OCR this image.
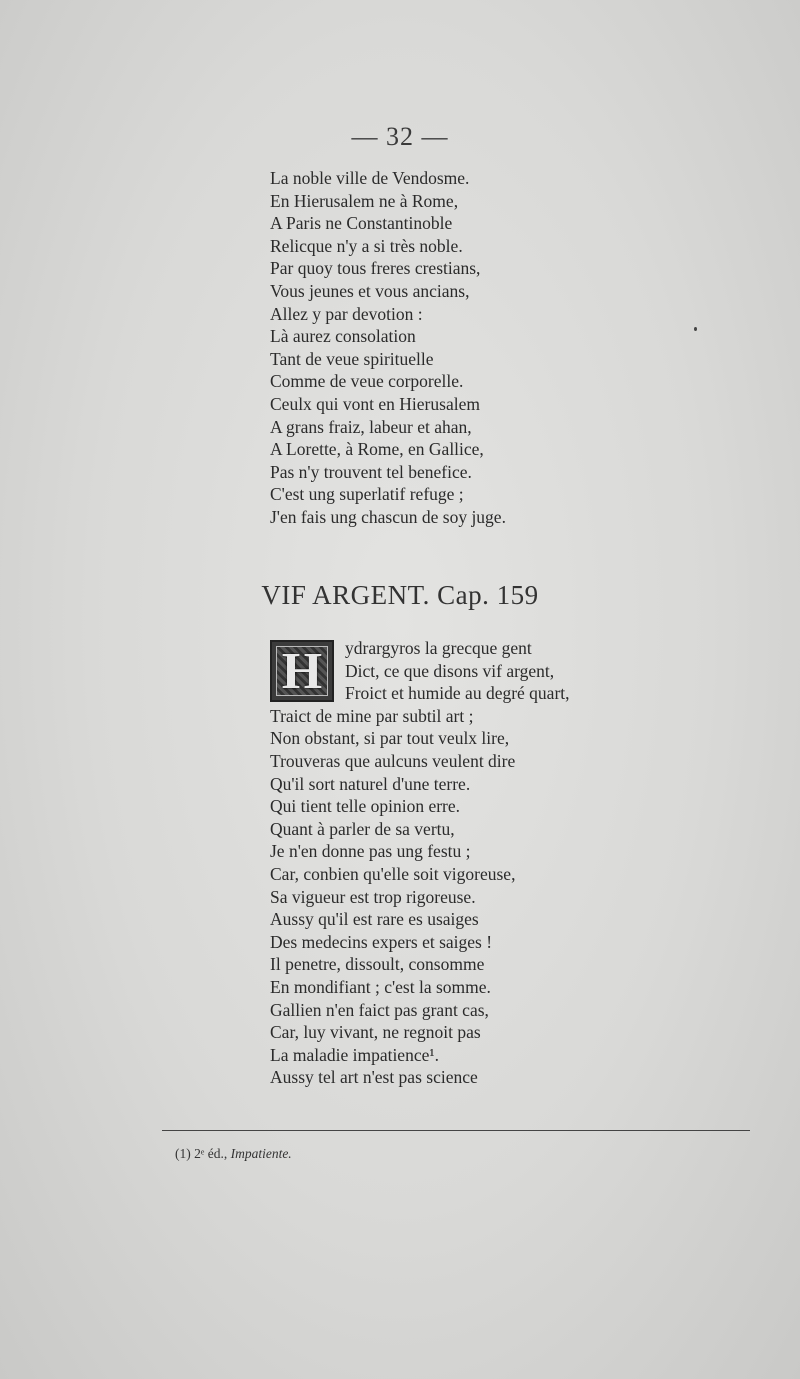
— 32 —
La noble ville de Vendosme.
En Hierusalem ne à Rome,
A Paris ne Constantinoble
Relicque n'y a si très noble.
Par quoy tous freres crestians,
Vous jeunes et vous ancians,
Allez y par devotion :
Là aurez consolation
Tant de veue spirituelle
Comme de veue corporelle.
Ceulx qui vont en Hierusalem
A grans fraiz, labeur et ahan,
A Lorette, à Rome, en Gallice,
Pas n'y trouvent tel benefice.
C'est ung superlatif refuge ;
J'en fais ung chascun de soy juge.
VIF ARGENT. Cap. 159
H	ydrargyros la grecque gent
Dict, ce que disons vif argent,
Froict et humide au degré quart,
Traict de mine par subtil art ;
Non obstant, si par tout veulx lire,
Trouveras que aulcuns veulent dire
Qu'il sort naturel d'une terre.
Qui tient telle opinion erre.
Quant à parler de sa vertu,
Je n'en donne pas ung festu ;
Car, conbien qu'elle soit vigoreuse,
Sa vigueur est trop rigoreuse.
Aussy qu'il est rare es usaiges
Des medecins expers et saiges !
Il penetre, dissoult, consomme
En mondifiant ; c'est la somme.
Gallien n'en faict pas grant cas,
Car, luy vivant, ne regnoit pas
La maladie impatience¹.
Aussy tel art n'est pas science
(1) 2ᵉ éd., Impatiente.
